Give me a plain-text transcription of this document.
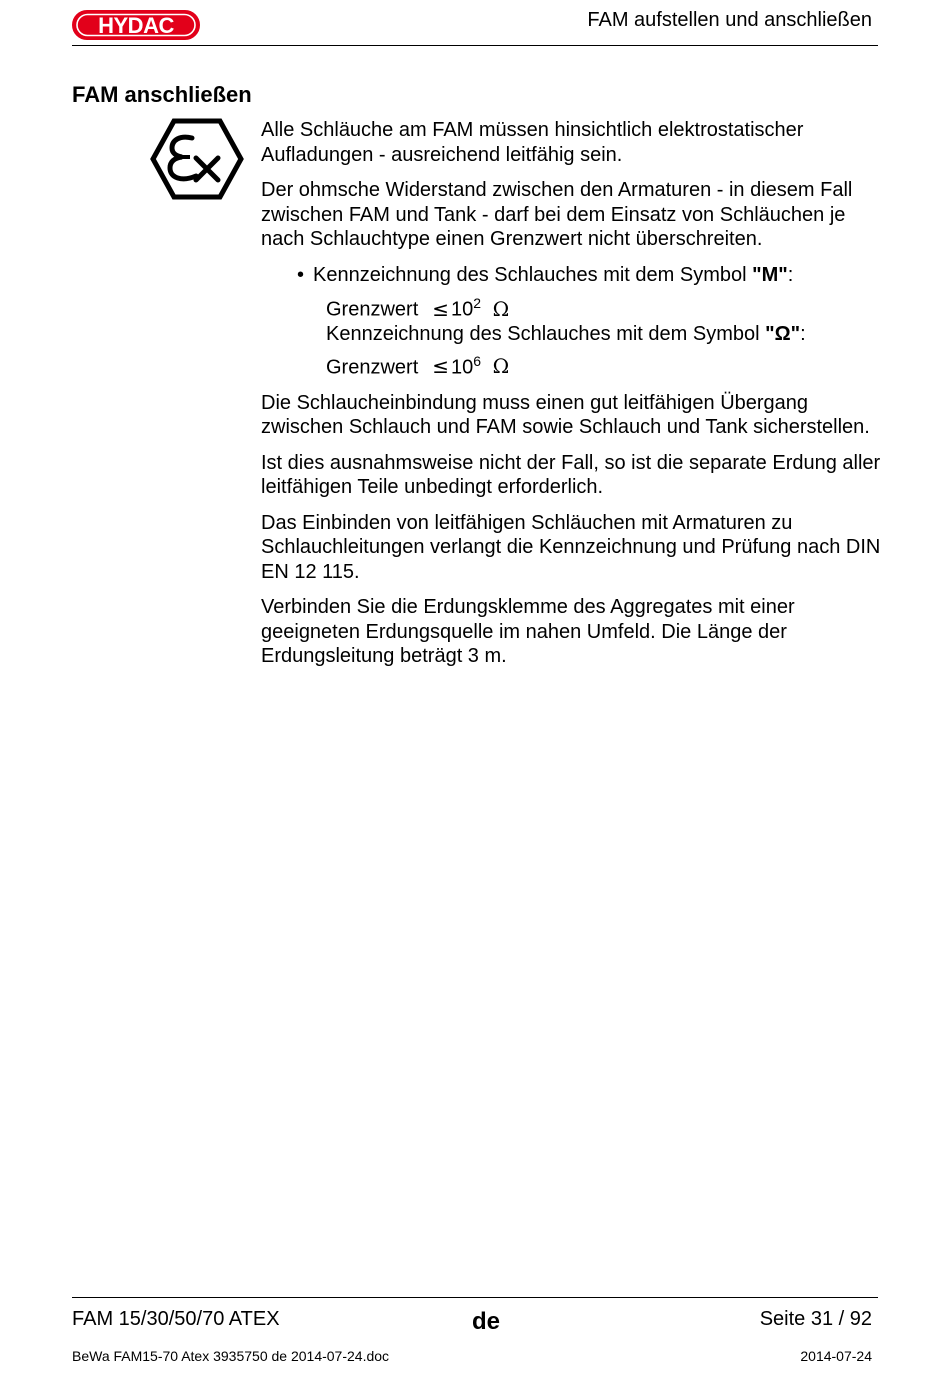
HYDAC	FAM aufstellen und anschließen
FAM anschließen

Alle Schläuche am FAM müssen hinsichtlich elektrostatischer Aufladungen - ausreichend leitfähig sein.

Der ohmsche Widerstand zwischen den Armaturen - in diesem Fall zwischen FAM und Tank - darf bei dem Einsatz von Schläuchen je nach Schlauchtype einen Grenzwert nicht überschreiten.

• Kennzeichnung des Schlauches mit dem Symbol "M":
Grenzwert ≤ $10^2$ Ω
Kennzeichnung des Schlauches mit dem Symbol "Ω":
Grenzwert ≤ $10^6$ Ω

Die Schlaucheinbindung muss einen gut leitfähigen Übergang zwischen Schlauch und FAM sowie Schlauch und Tank sicherstellen.

Ist dies ausnahmsweise nicht der Fall, so ist die separate Erdung aller leitfähigen Teile unbedingt erforderlich.

Das Einbinden von leitfähigen Schläuchen mit Armaturen zu Schlauchleitungen verlangt die Kennzeichnung und Prüfung nach DIN EN 12 115.

Verbinden Sie die Erdungsklemme des Aggregates mit einer geeigneten Erdungsquelle im nahen Umfeld. Die Länge der Erdungsleitung beträgt 3 m.

FAM 15/30/50/70 ATEX	de	Seite 31 / 92
BeWa FAM15-70 Atex 3935750 de 2014-07-24.doc	2014-07-24
